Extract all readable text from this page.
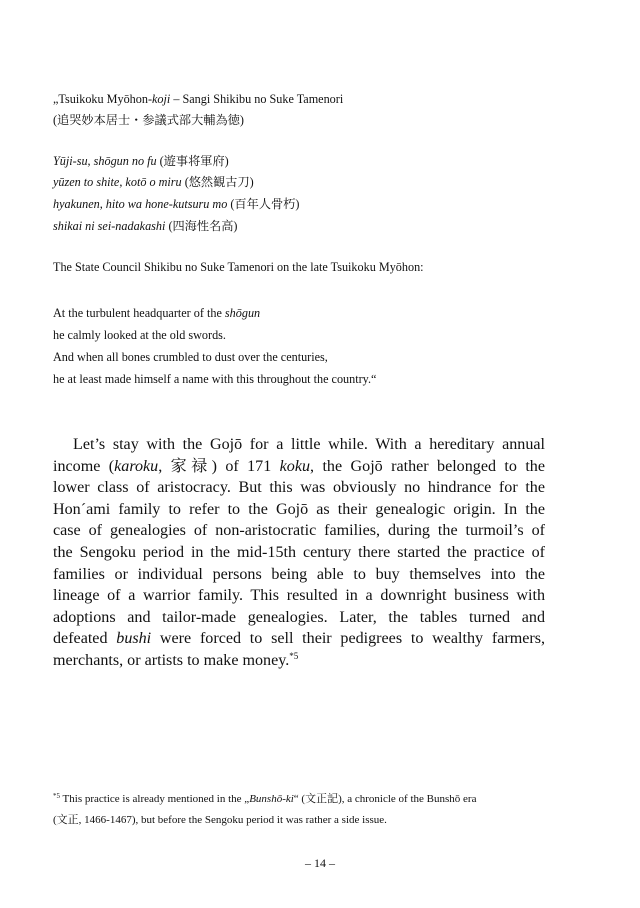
„Tsuikoku Myōhon-koji – Sangi Shikibu no Suke Tamenori
(追哭妙本居士・参議式部大輔為徳)
Yūji-su, shōgun no fu (遊事将軍府)
yūzen to shite, kotō o miru (悠然観古刀)
hyakunen, hito wa hone-kutsuru mo (百年人骨朽)
shikai ni sei-nadakashi (四海性名高)
The State Council Shikibu no Suke Tamenori on the late Tsuikoku Myōhon:
At the turbulent headquarter of the shōgun
he calmly looked at the old swords.
And when all bones crumbled to dust over the centuries,
he at least made himself a name with this throughout the country.“
Let’s stay with the Gojō for a little while. With a hereditary annual
income (karoku, 家禄) of 171 koku, the Gojō rather belonged to the
lower class of aristocracy. But this was obviously no hindrance for the
Hon´ami family to refer to the Gojō as their genealogic origin. In the
case of genealogies of non-aristocratic families, during the turmoil’s of
the Sengoku period in the mid-15th century there started the practice of
families or individual persons being able to buy themselves into the
lineage of a warrior family. This resulted in a downright business with
adoptions and tailor-made genealogies. Later, the tables turned and
defeated bushi were forced to sell their pedigrees to wealthy farmers,
merchants, or artists to make money.$^{*5}$
$^{*5}$ This practice is already mentioned in the „Bunshō-ki“ (文正記), a chronicle of the Bunshō era
(文正, 1466-1467), but before the Sengoku period it was rather a side issue.
– 14 –
